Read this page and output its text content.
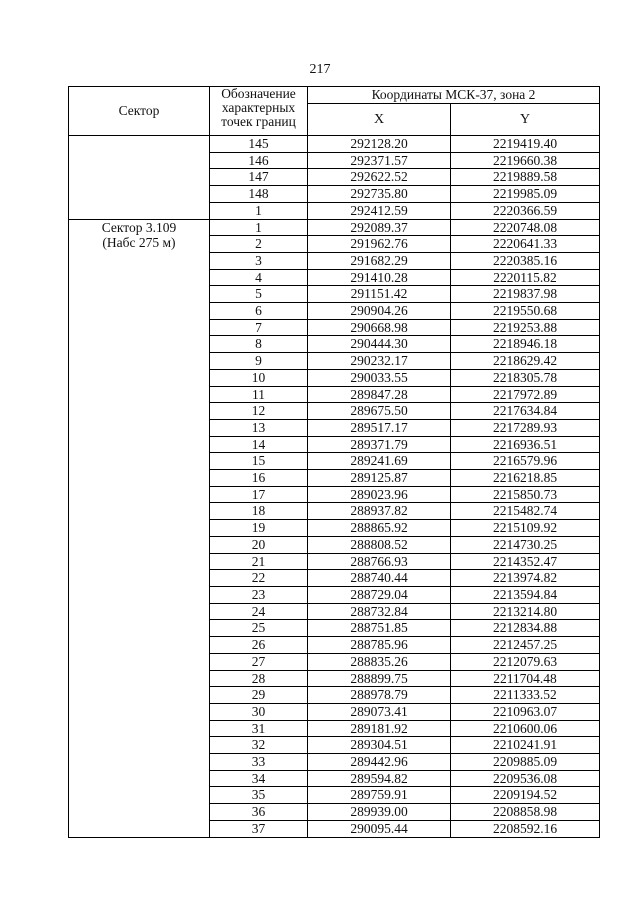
217
Сектор	Обозначение характерных точек границ	Координаты МСК-37, зона 2	
		X	Y

	145	292128.20	2219419.40
	146	292371.57	2219660.38
	147	292622.52	2219889.58
	148	292735.80	2219985.09
	1	292412.59	2220366.59

Сектор 3.109
(Набс 275 м)	1	292089.37	2220748.08
	2	291962.76	2220641.33
	3	291682.29	2220385.16
	4	291410.28	2220115.82
	5	291151.42	2219837.98
	6	290904.26	2219550.68
	7	290668.98	2219253.88
	8	290444.30	2218946.18
	9	290232.17	2218629.42
	10	290033.55	2218305.78
	11	289847.28	2217972.89
	12	289675.50	2217634.84
	13	289517.17	2217289.93
	14	289371.79	2216936.51
	15	289241.69	2216579.96
	16	289125.87	2216218.85
	17	289023.96	2215850.73
	18	288937.82	2215482.74
	19	288865.92	2215109.92
	20	288808.52	2214730.25
	21	288766.93	2214352.47
	22	288740.44	2213974.82
	23	288729.04	2213594.84
	24	288732.84	2213214.80
	25	288751.85	2212834.88
	26	288785.96	2212457.25
	27	288835.26	2212079.63
	28	288899.75	2211704.48
	29	288978.79	2211333.52
	30	289073.41	2210963.07
	31	289181.92	2210600.06
	32	289304.51	2210241.91
	33	289442.96	2209885.09
	34	289594.82	2209536.08
	35	289759.91	2209194.52
	36	289939.00	2208858.98
	37	290095.44	2208592.16
